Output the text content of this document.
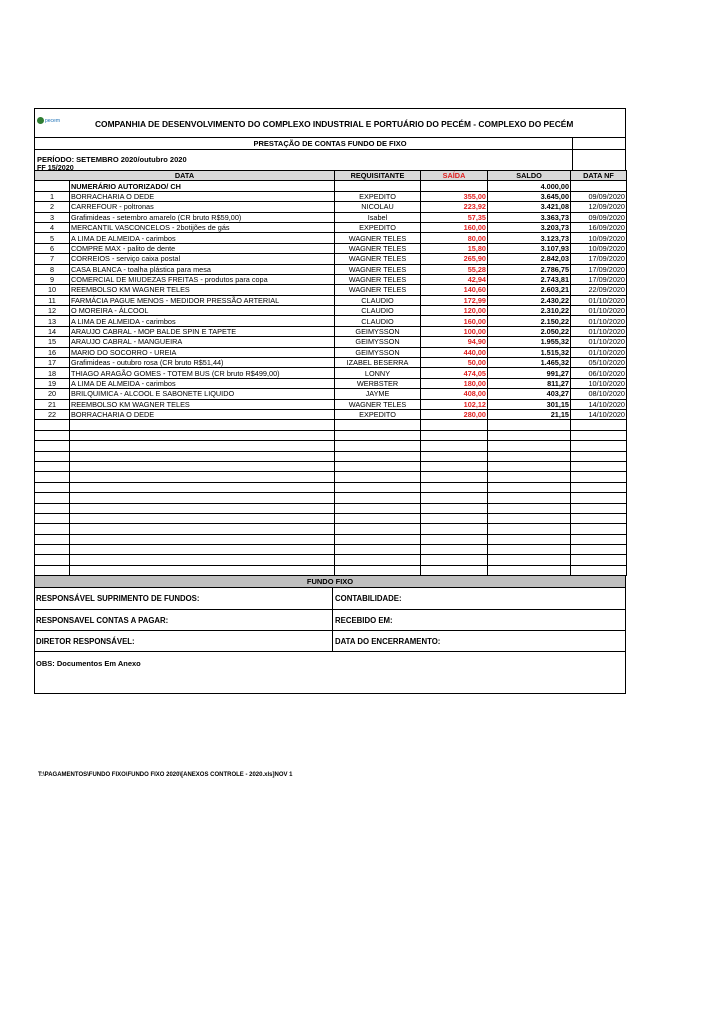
pecem	COMPANHIA DE DESENVOLVIMENTO DO COMPLEXO INDUSTRIAL E PORTUÁRIO DO PECÉM - COMPLEXO DO PECÉM
PRESTAÇÃO DE CONTAS FUNDO DE FIXO
PERÍODO: SETEMBRO 2020/outubro 2020
FF 15/2020
DATA		REQUISITANTE	SAÍDA	SALDO	DATA NF
	NUMERÁRIO AUTORIZADO/ CH			4.000,00	
1	BORRACHARIA O DEDE	EXPEDITO	355,00	3.645,00	09/09/2020
2	CARREFOUR - poltronas	NICOLAU	223,92	3.421,08	12/09/2020
3	Grafimideas - setembro amarelo (CR bruto R$59,00)	Isabel	57,35	3.363,73	09/09/2020
4	MERCANTIL VASCONCELOS - 2botijões de gás	EXPEDITO	160,00	3.203,73	16/09/2020
5	A LIMA DE ALMEIDA - carimbos	WAGNER TELES	80,00	3.123,73	10/09/2020
6	COMPRE MAX - palito de dente	WAGNER TELES	15,80	3.107,93	10/09/2020
7	CORREIOS - serviço caixa postal	WAGNER TELES	265,90	2.842,03	17/09/2020
8	CASA BLANCA - toalha plástica para mesa	WAGNER TELES	55,28	2.786,75	17/09/2020
9	COMERCIAL DE MIUDEZAS FREITAS - produtos para copa	WAGNER TELES	42,94	2.743,81	17/09/2020
10	REEMBOLSO KM WAGNER TELES	WAGNER TELES	140,60	2.603,21	22/09/2020
11	FARMÁCIA PAGUE MENOS - MEDIDOR PRESSÃO ARTERIAL	CLAUDIO	172,99	2.430,22	01/10/2020
12	O MOREIRA - ÁLCOOL	CLAUDIO	120,00	2.310,22	01/10/2020
13	A LIMA DE ALMEIDA - carimbos	CLAUDIO	160,00	2.150,22	01/10/2020
14	ARAUJO CABRAL - MOP BALDE SPIN E TAPETE	GEIMYSSON	100,00	2.050,22	01/10/2020
15	ARAUJO CABRAL - MANGUEIRA	GEIMYSSON	94,90	1.955,32	01/10/2020
16	MARIO DO SOCORRO - UREIA	GEIMYSSON	440,00	1.515,32	01/10/2020
17	Grafimideas - outubro rosa (CR bruto R$51,44)	IZABEL BESERRA	50,00	1.465,32	05/10/2020
18	THIAGO ARAGÃO GOMES - TOTEM BUS (CR bruto R$499,00)	LONNY	474,05	991,27	06/10/2020
19	A LIMA DE ALMEIDA - carimbos	WERBSTER	180,00	811,27	10/10/2020
20	BRILQUIMICA - ALCOOL E SABONETE LIQUIDO	JAYME	408,00	403,27	08/10/2020
21	REEMBOLSO KM WAGNER TELES	WAGNER TELES	102,12	301,15	14/10/2020
22	BORRACHARIA O DEDE	EXPEDITO	280,00	21,15	14/10/2020

FUNDO FIXO
RESPONSÁVEL SUPRIMENTO DE FUNDOS:	CONTABILIDADE:
RESPONSAVEL CONTAS A PAGAR:	RECEBIDO EM:
DIRETOR RESPONSÁVEL:	DATA DO ENCERRAMENTO:
OBS: Documentos Em Anexo
T:\PAGAMENTOS\FUNDO FIXO\FUNDO FIXO 2020\[ANEXOS CONTROLE - 2020.xls]NOV 1
